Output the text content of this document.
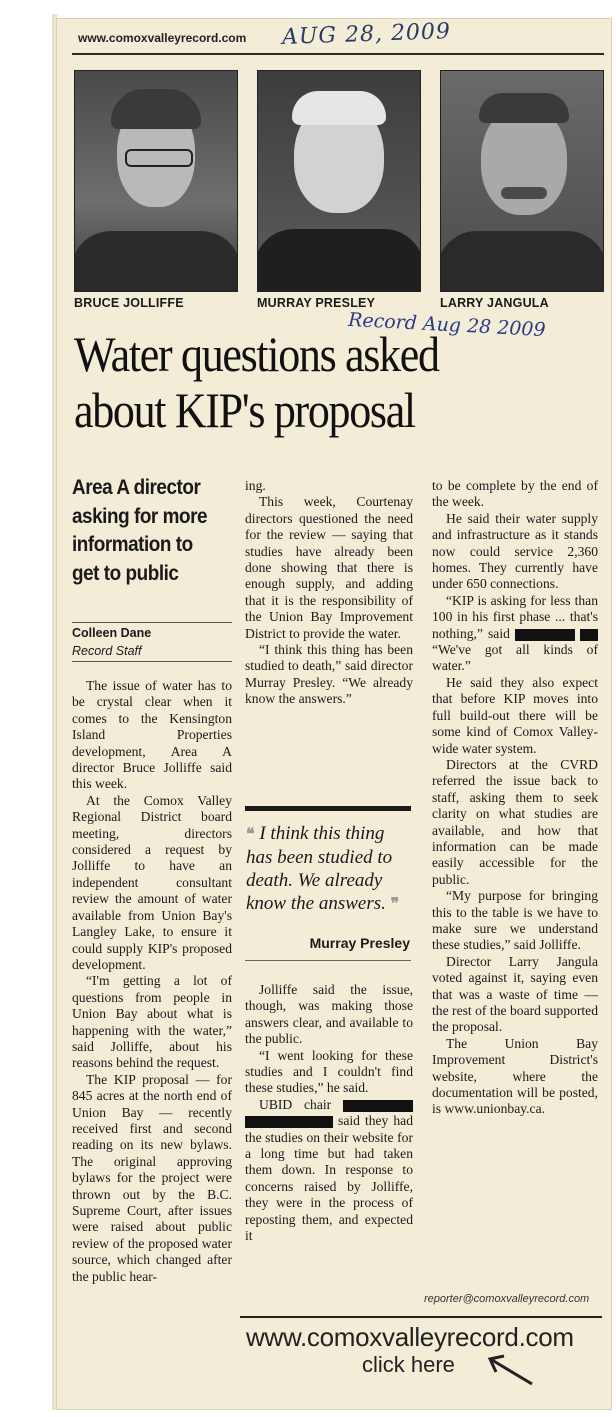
www.comoxvalleyrecord.com AUG 28, 2009
BRUCE JOLLIFFE	MURRAY PRESLEY	LARRY JANGULA
Record Aug 28 2009
Water questions asked
about KIP's proposal
Area A director asking for more information to get to public
Colleen Dane
Record Staff

The issue of water has to be crystal clear when it comes to the Kensington Island Properties development, Area A director Bruce Jolliffe said this week.

At the Comox Valley Regional District board meeting, directors considered a request by Jolliffe to have an independent consultant review the amount of water available from Union Bay's Langley Lake, to ensure it could supply KIP's proposed development.

“I'm getting a lot of questions from people in Union Bay about what is happening with the water,” said Jolliffe, about his reasons behind the request.

The KIP proposal — for 845 acres at the north end of Union Bay — recently received first and second reading on its new bylaws. The original approving bylaws for the project were thrown out by the B.C. Supreme Court, after issues were raised about public review of the proposed water source, which changed after the public hear-

ing.

This week, Courtenay directors questioned the need for the review — saying that studies have already been done showing that there is enough supply, and adding that it is the responsibility of the Union Bay Improvement District to provide the water.

“I think this thing has been studied to death,” said director Murray Presley. “We already know the answers.”

❝ I think this thing has been studied to death. We already know the answers. ❞
Murray Presley

Jolliffe said the issue, though, was making those answers clear, and available to the public.

“I went looking for these studies and I couldn't find these studies,” he said.

UBID chair   said they had the studies on their website for a long time but had taken them down. In response to concerns raised by Jolliffe, they were in the process of reposting them, and expected it

to be complete by the end of the week.

He said their water supply and infrastructure as it stands now could service 2,360 homes. They currently have under 650 connections.

“KIP is asking for less than 100 in his first phase ... that's nothing,” said   “We've got all kinds of water.”

He said they also expect that before KIP moves into full build-out there will be some kind of Comox Valley-wide water system.

Directors at the CVRD referred the issue back to staff, asking them to seek clarity on what studies are available, and how that information can be made easily accessible for the public.

“My purpose for bringing this to the table is we have to make sure we understand these studies,” said Jolliffe.

Director Larry Jangula voted against it, saying even that was a waste of time — the rest of the board supported the proposal.

The Union Bay Improvement District's website, where the documentation will be posted, is www.unionbay.ca.

reporter@comoxvalleyrecord.com
www.comoxvalleyrecord.com
click here
